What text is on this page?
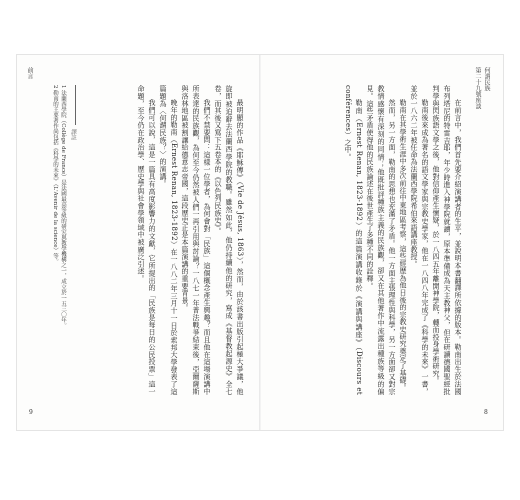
前言

最明顯的作品《耶穌傳》（Vie de Jésus, 1863），然而，由於該書出版引起極大爭議，他旋即被迫辭去法蘭西學院的教職。雖然如此，他仍持續他的研究，寫成《基督教起源史》全七卷，而其後又寫下五卷本的《以色列民族史》。

我們不禁要問：這樣一位學者，為何會對「民族」這個概念產生興趣？而且他在這場演講中所表達的民族觀，為何至今仍然被人們一再引用與討論？一八七一年普法戰爭結束後，亞爾薩斯與洛林地區被割讓給德意志帝國，這段歷史正是本篇演講的重要背景。

晚年的勒南（Ernest Renan, 1823-1892）在一八八二年三月十一日於索邦大學發表了這篇題為〈何謂民族？〉的演講。

我們可以說，這是一篇具有高度影響力的文獻，它所提出的「民族是每日的公民投票」這一命題，至今仍在政治學、歷史學與社會學領域中被廣泛引述。

譯註
1 法蘭西學院（Collège de France）是法國最高等級的研究與教學機構之一，成立於一五三〇年。
2 勒南的主要著作尚包括《科學的未來》（L'Avenir de la science）等。
9
何謂民族
第二十九號座談

在前言中，我們首先要介紹演講者的生平，並說明本書翻譯所依據的版本。勒南出生於法國布列塔尼的特雷吉耶，年少時進入神學院就讀，原本準備成為天主教神父，但在研讀德國聖經批判學與閃族語文學之後，他對信仰產生懷疑，於一八四五年離開神學院，轉而投身學術研究。

勒南後來成為著名的語文學家與宗教史學家，他在一八四八年完成了《科學的未來》一書，並於一八六二年被任命為法蘭西學院希伯來語講座教授。

勒南在其學術生涯中多次前往中東地區考察，這些經歷為他日後的宗教史研究奠定了基礎。

然而，另一方面，勒南的思想也充滿了矛盾。他一方面主張理性與科學，另一方面卻又對宗教情感懷有深刻的同情；他既批評種族主義的民族觀，卻又在其他著作中流露出種族等級的偏見。這些矛盾使得他的民族論述在後世產生了多種不同的詮釋。

勒南（Ernest Renan, 1823-1892）的這篇演講收錄於《演講與講座》（Discours et conférences）之中。

8
